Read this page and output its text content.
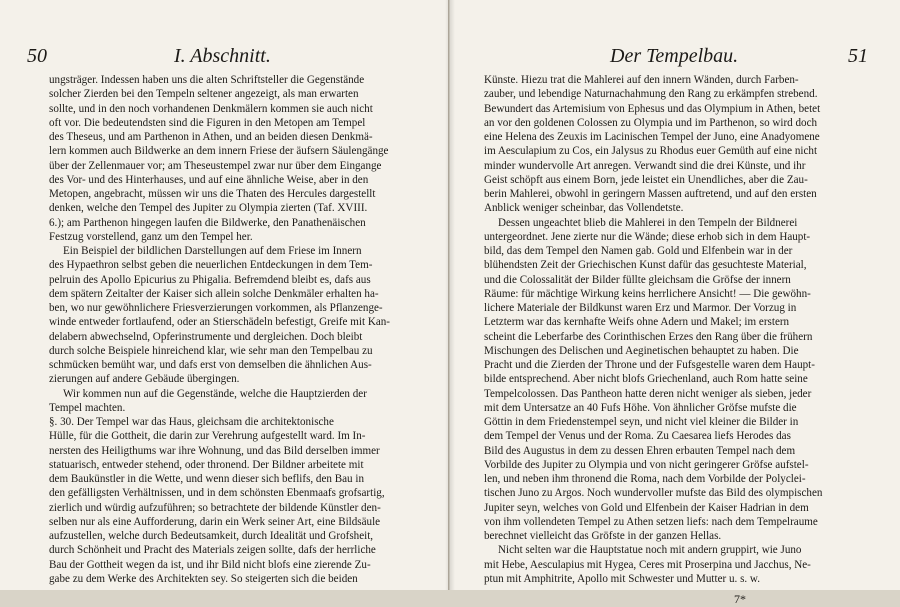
50	I. Abschnitt.
ungsträger. Indessen haben uns die alten Schriftsteller die Gegenstände
solcher Zierden bei den Tempeln seltener angezeigt, als man erwarten
sollte, und in den noch vorhandenen Denkmälern kommen sie auch nicht
oft vor. Die bedeutendsten sind die Figuren in den Metopen am Tempel
des Theseus, und am Parthenon in Athen, und an beiden diesen Denkmä-
lern kommen auch Bildwerke an dem innern Friese der äufsern Säulengänge
über der Zellenmauer vor; am Theseustempel zwar nur über dem Eingange
des Vor- und des Hinterhauses, und auf eine ähnliche Weise, aber in den
Metopen, angebracht, müssen wir uns die Thaten des Hercules dargestellt
denken, welche den Tempel des Jupiter zu Olympia zierten (Taf. XVIII.
6.); am Parthenon hingegen laufen die Bildwerke, den Panathenäischen
Festzug vorstellend, ganz um den Tempel her.
Ein Beispiel der bildlichen Darstellungen auf dem Friese im Innern
des Hypaethron selbst geben die neuerlichen Entdeckungen in dem Tem-
pelruin des Apollo Epicurius zu Phigalia. Befremdend bleibt es, dafs aus
dem spätern Zeitalter der Kaiser sich allein solche Denkmäler erhalten ha-
ben, wo nur gewöhnlichere Friesverzierungen vorkommen, als Pflanzenge-
winde entweder fortlaufend, oder an Stierschädeln befestigt, Greife mit Kan-
delabern abwechselnd, Opferinstrumente und dergleichen. Doch bleibt
durch solche Beispiele hinreichend klar, wie sehr man den Tempelbau zu
schmücken bemüht war, und dafs erst von demselben die ähnlichen Aus-
zierungen auf andere Gebäude übergingen.
Wir kommen nun auf die Gegenstände, welche die Hauptzierden der
Tempel machten.
§. 30. Der Tempel war das Haus, gleichsam die architektonische
Hülle, für die Gottheit, die darin zur Verehrung aufgestellt ward. Im In-
nersten des Heiligthums war ihre Wohnung, und das Bild derselben immer
statuarisch, entweder stehend, oder thronend. Der Bildner arbeitete mit
dem Baukünstler in die Wette, und wenn dieser sich beflifs, den Bau in
den gefälligsten Verhältnissen, und in dem schönsten Ebenmaafs grofsartig,
zierlich und würdig aufzuführen; so betrachtete der bildende Künstler den-
selben nur als eine Aufforderung, darin ein Werk seiner Art, eine Bildsäule
aufzustellen, welche durch Bedeutsamkeit, durch Idealität und Grofsheit,
durch Schönheit und Pracht des Materials zeigen sollte, dafs der herrliche
Bau der Gottheit wegen da ist, und ihr Bild nicht blofs eine zierende Zu-
gabe zu dem Werke des Architekten sey. So steigerten sich die beiden
Der Tempelbau.	51
Künste. Hiezu trat die Mahlerei auf den innern Wänden, durch Farben-
zauber, und lebendige Naturnachahmung den Rang zu erkämpfen strebend.
Bewundert das Artemisium von Ephesus und das Olympium in Athen, betet
an vor den goldenen Colossen zu Olympia und im Parthenon, so wird doch
eine Helena des Zeuxis im Lacinischen Tempel der Juno, eine Anadyomene
im Aesculapium zu Cos, ein Jalysus zu Rhodus euer Gemüth auf eine nicht
minder wundervolle Art anregen. Verwandt sind die drei Künste, und ihr
Geist schöpft aus einem Born, jede leistet ein Unendliches, aber die Zau-
berin Mahlerei, obwohl in geringern Massen auftretend, und auf den ersten
Anblick weniger scheinbar, das Vollendetste.
Dessen ungeachtet blieb die Mahlerei in den Tempeln der Bildnerei
untergeordnet. Jene zierte nur die Wände; diese erhob sich in dem Haupt-
bild, das dem Tempel den Namen gab. Gold und Elfenbein war in der
blühendsten Zeit der Griechischen Kunst dafür das gesuchteste Material,
und die Colossalität der Bilder füllte gleichsam die Gröfse der innern
Räume: für mächtige Wirkung keins herrlichere Ansicht! — Die gewöhn-
lichere Materiale der Bildkunst waren Erz und Marmor. Der Vorzug in
Letzterm war das kernhafte Weifs ohne Adern und Makel; im erstern
scheint die Leberfarbe des Corinthischen Erzes den Rang über die frühern
Mischungen des Delischen und Aeginetischen behauptet zu haben. Die
Pracht und die Zierden der Throne und der Fufsgestelle waren dem Haupt-
bilde entsprechend. Aber nicht blofs Griechenland, auch Rom hatte seine
Tempelcolossen. Das Pantheon hatte deren nicht weniger als sieben, jeder
mit dem Untersatze an 40 Fufs Höhe. Von ähnlicher Gröfse mufste die
Göttin in dem Friedenstempel seyn, und nicht viel kleiner die Bilder in
dem Tempel der Venus und der Roma. Zu Caesarea liefs Herodes das
Bild des Augustus in dem zu dessen Ehren erbauten Tempel nach dem
Vorbilde des Jupiter zu Olympia und von nicht geringerer Gröfse aufstel-
len, und neben ihm thronend die Roma, nach dem Vorbilde der Polyclei-
tischen Juno zu Argos. Noch wundervoller mufste das Bild des olympischen
Jupiter seyn, welches von Gold und Elfenbein der Kaiser Hadrian in dem
von ihm vollendeten Tempel zu Athen setzen liefs: nach dem Tempelraume
berechnet vielleicht das Gröfste in der ganzen Hellas.
Nicht selten war die Hauptstatue noch mit andern gruppirt, wie Juno
mit Hebe, Aesculapius mit Hygea, Ceres mit Proserpina und Jacchus, Ne-
ptun mit Amphitrite, Apollo mit Schwester und Mutter u. s. w.
7*
